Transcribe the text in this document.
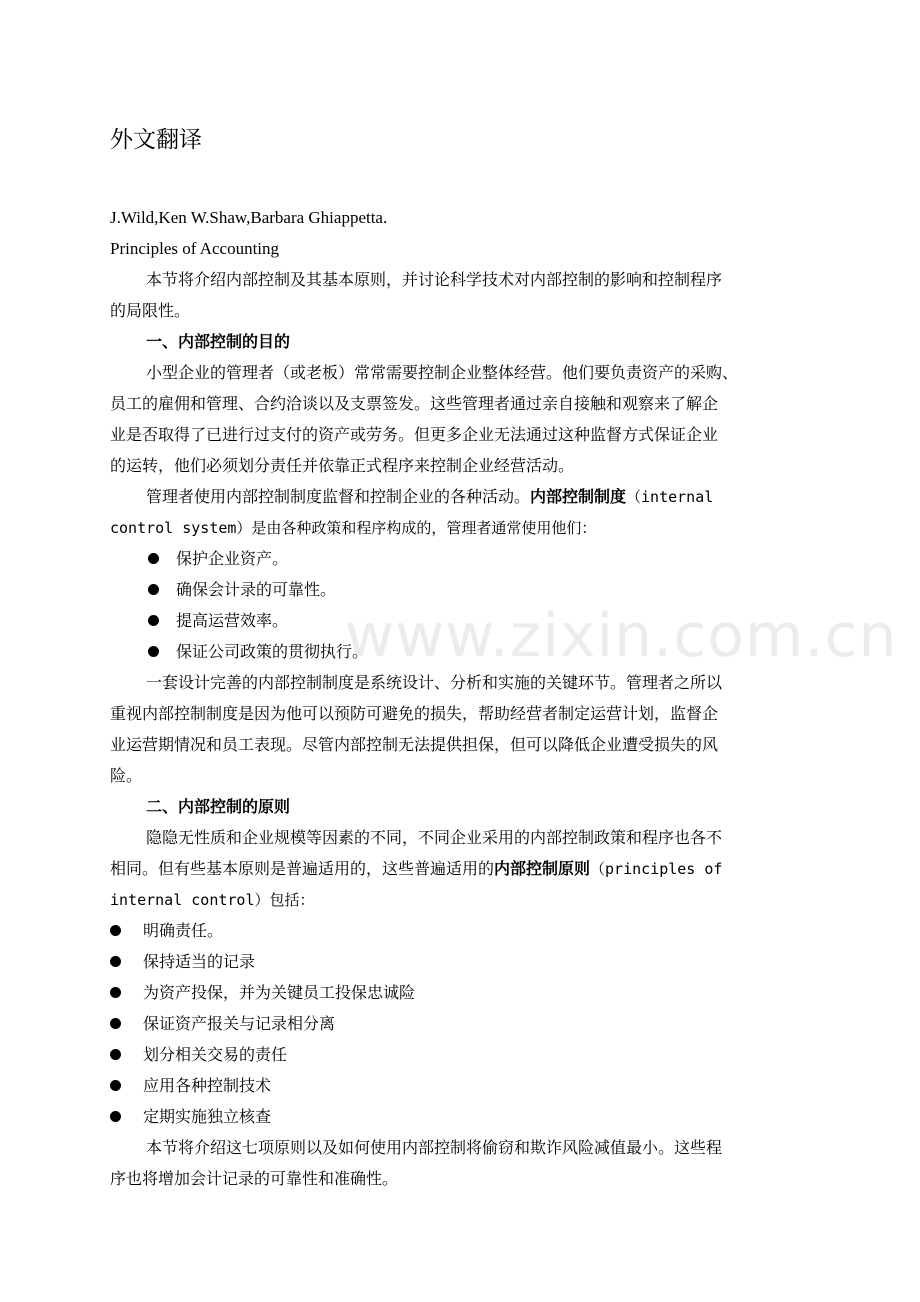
外文翻译
J.Wild,Ken W.Shaw,Barbara Ghiappetta.
Principles of Accounting
本节将介绍内部控制及其基本原则，并讨论科学技术对内部控制的影响和控制程序
的局限性。
一、内部控制的目的
小型企业的管理者（或老板）常常需要控制企业整体经营。他们要负责资产的采购、
员工的雇佣和管理、合约洽谈以及支票签发。这些管理者通过亲自接触和观察来了解企
业是否取得了已进行过支付的资产或劳务。但更多企业无法通过这种监督方式保证企业
的运转，他们必须划分责任并依靠正式程序来控制企业经营活动。
管理者使用内部控制制度监督和控制企业的各种活动。内部控制制度（internal
control system）是由各种政策和程序构成的，管理者通常使用他们：
保护企业资产。
确保会计录的可靠性。
提高运营效率。
保证公司政策的贯彻执行。
一套设计完善的内部控制制度是系统设计、分析和实施的关键环节。管理者之所以
重视内部控制制度是因为他可以预防可避免的损失，帮助经营者制定运营计划，监督企
业运营期情况和员工表现。尽管内部控制无法提供担保，但可以降低企业遭受损失的风
险。
二、内部控制的原则
隐隐无性质和企业规模等因素的不同，不同企业采用的内部控制政策和程序也各不
相同。但有些基本原则是普遍适用的，这些普遍适用的内部控制原则（principles of
internal control）包括：
明确责任。
保持适当的记录
为资产投保，并为关键员工投保忠诚险
保证资产报关与记录相分离
划分相关交易的责任
应用各种控制技术
定期实施独立核查
本节将介绍这七项原则以及如何使用内部控制将偷窃和欺诈风险减值最小。这些程
序也将增加会计记录的可靠性和准确性。
www.zixin.com.cn
